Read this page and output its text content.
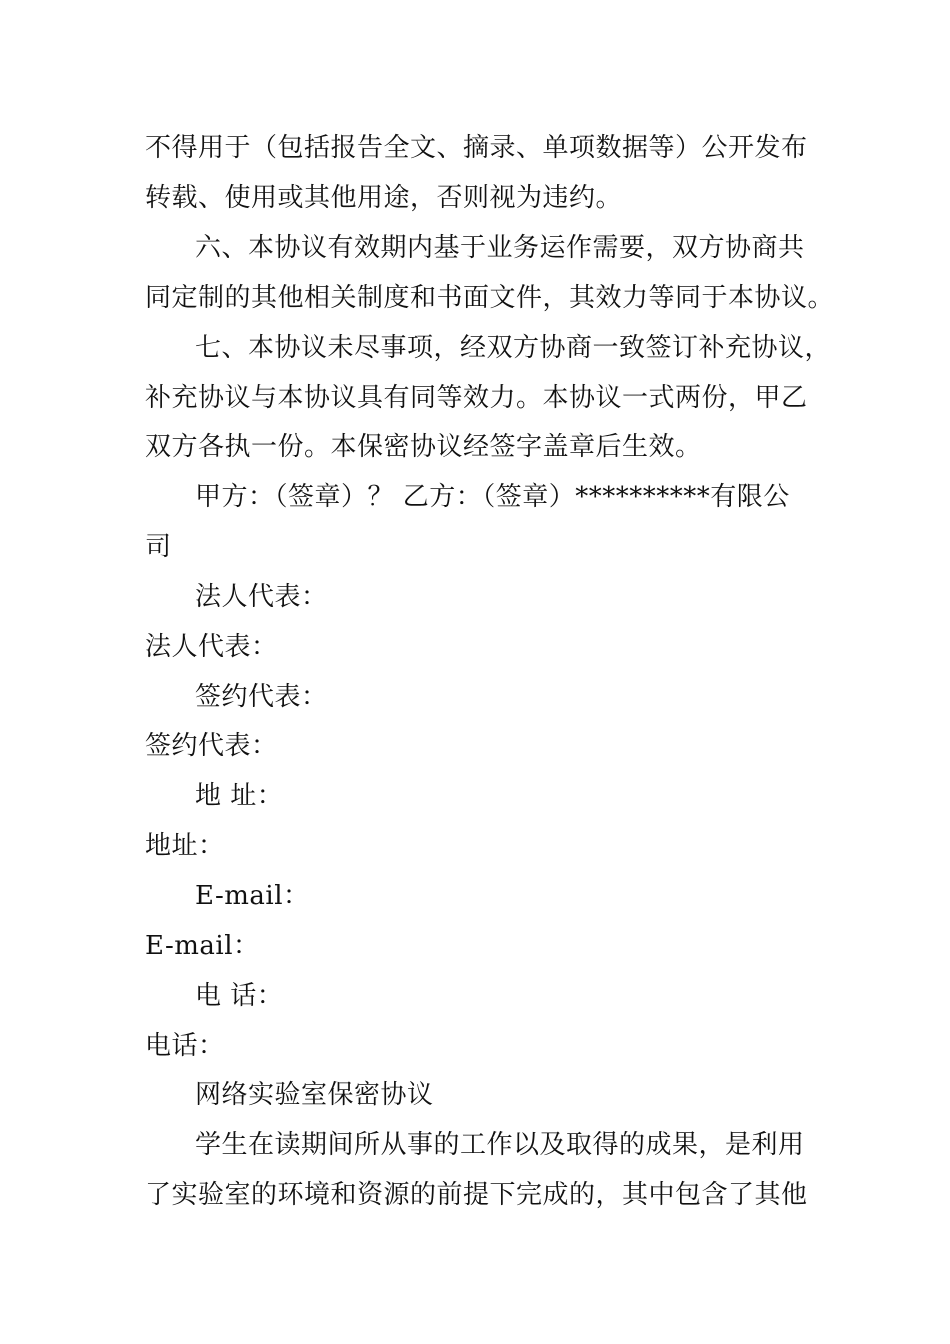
不得用于（包括报告全文、摘录、单项数据等）公开发布
转载、使用或其他用途，否则视为违约。
六、本协议有效期内基于业务运作需要，双方协商共
同定制的其他相关制度和书面文件，其效力等同于本协议。
七、本协议未尽事项，经双方协商一致签订补充协议，
补充协议与本协议具有同等效力。本协议一式两份，甲乙
双方各执一份。本保密协议经签字盖章后生效。
甲方：（签章）？ 乙方：（签章）**********有限公
司
法人代表：
法人代表：
签约代表：
签约代表：
地 址：
地址：
E-mail：
E-mail：
电 话：
电话：
网络实验室保密协议
学生在读期间所从事的工作以及取得的成果，是利用
了实验室的环境和资源的前提下完成的，其中包含了其他
